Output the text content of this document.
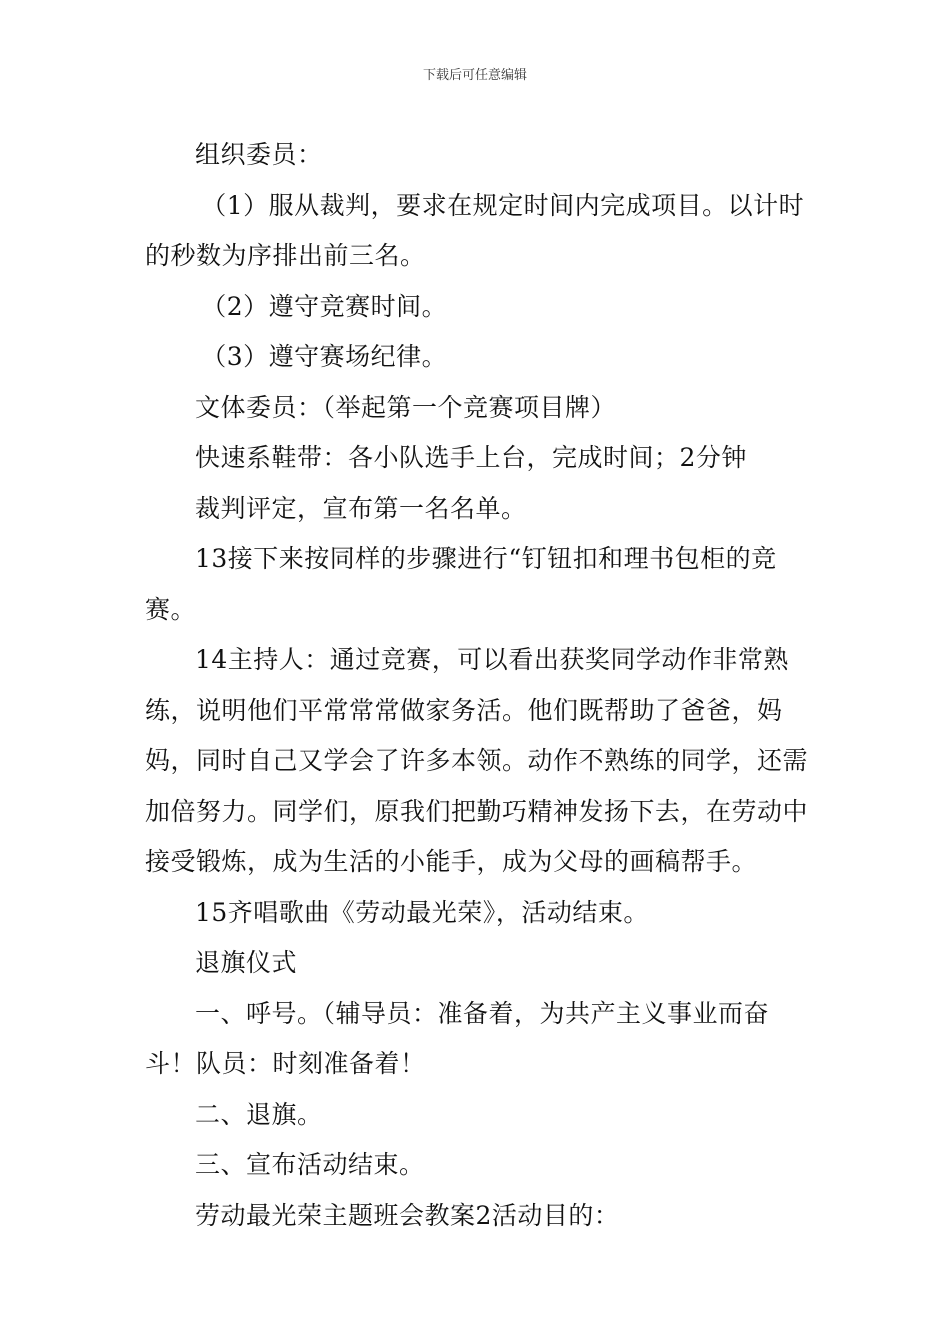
下载后可任意编辑

组织委员：

（1）服从裁判，要求在规定时间内完成项目。以计时的秒数为序排出前三名。

（2）遵守竞赛时间。

（3）遵守赛场纪律。

文体委员：（举起第一个竞赛项目牌）

快速系鞋带：各小队选手上台，完成时间；2分钟

裁判评定，宣布第一名名单。

13接下来按同样的步骤进行“钉钮扣和理书包柜的竞赛。

14主持人：通过竞赛，可以看出获奖同学动作非常熟练，说明他们平常常常做家务活。他们既帮助了爸爸，妈妈，同时自己又学会了许多本领。动作不熟练的同学，还需加倍努力。同学们，原我们把勤巧精神发扬下去，在劳动中接受锻炼，成为生活的小能手，成为父母的画稿帮手。

15齐唱歌曲《劳动最光荣》，活动结束。

退旗仪式

一、呼号。（辅导员：准备着，为共产主义事业而奋斗！队员：时刻准备着！

二、退旗。

三、宣布活动结束。

劳动最光荣主题班会教案2活动目的：
